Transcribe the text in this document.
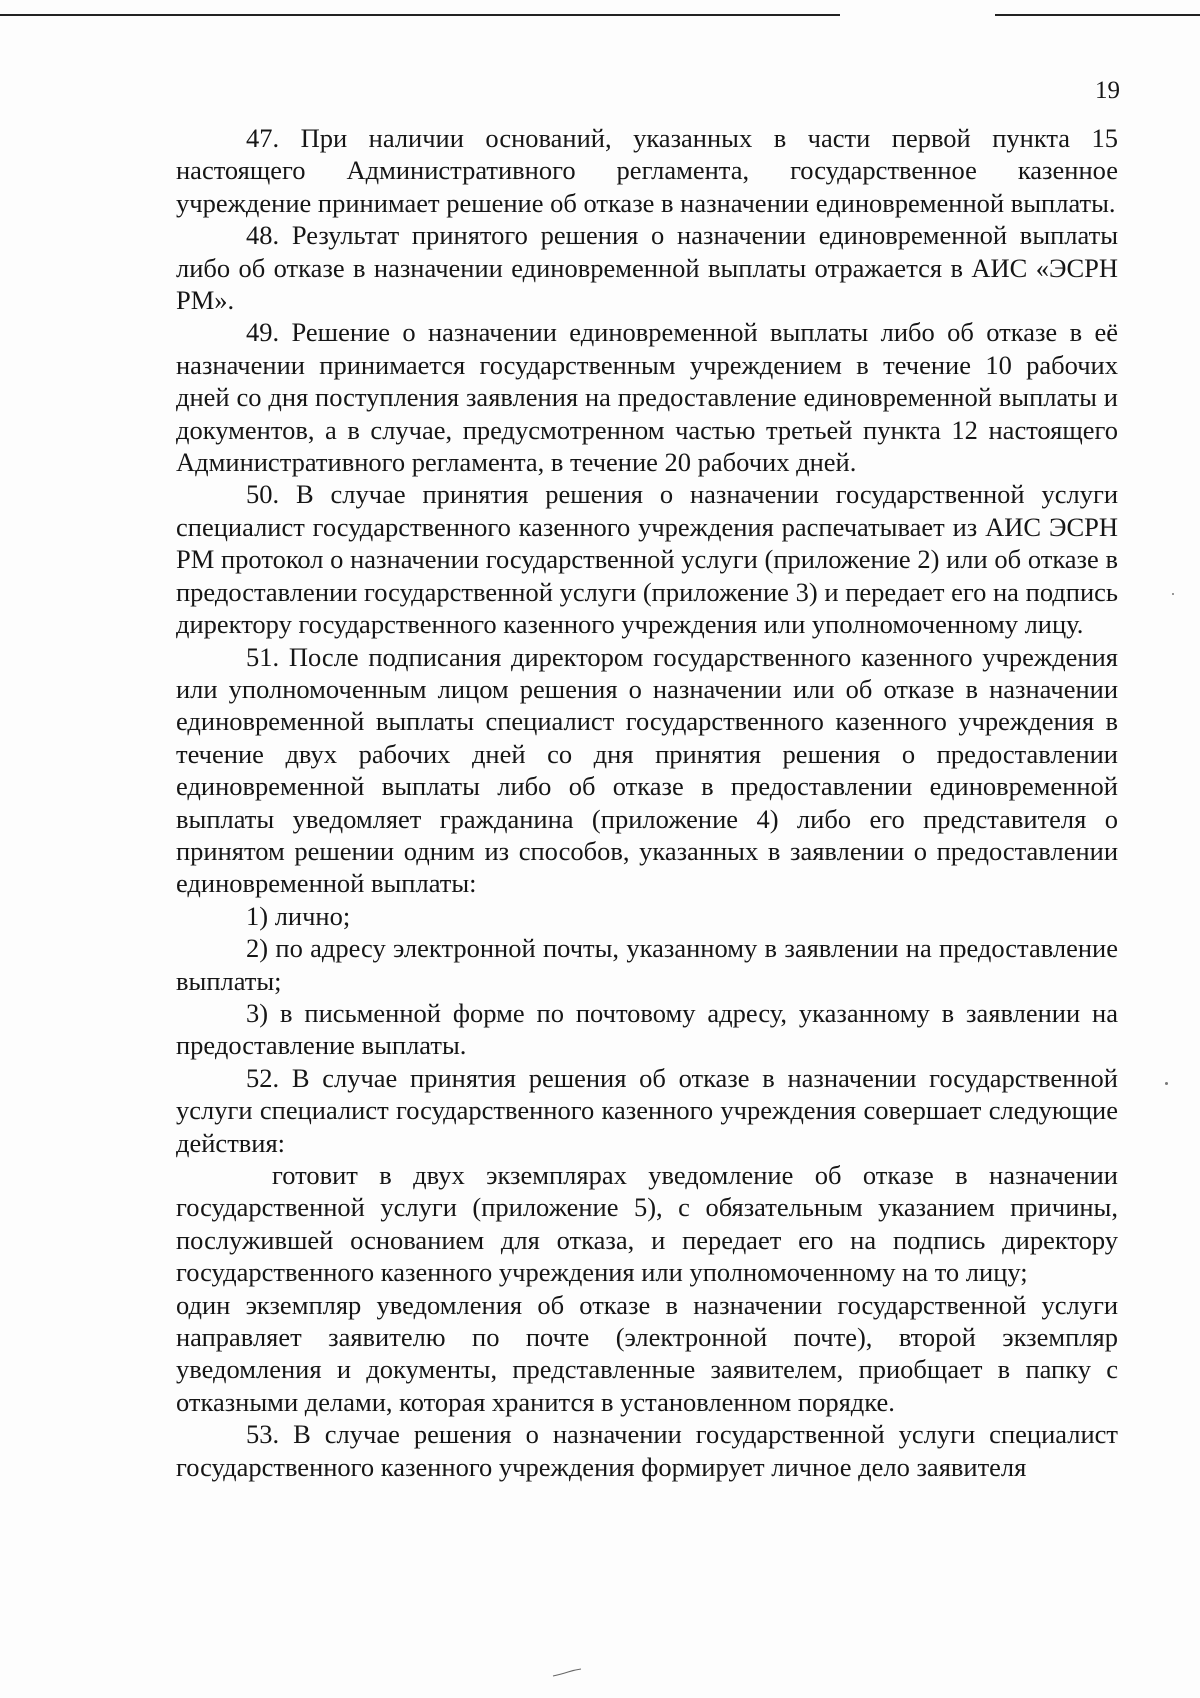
19

47. При наличии оснований, указанных в части первой пункта 15 настоящего Административного регламента, государственное казенное учреждение принимает решение об отказе в назначении единовременной выплаты.

48. Результат принятого решения о назначении единовременной выплаты либо об отказе в назначении единовременной выплаты отражается в АИС «ЭСРН РМ».

49. Решение о назначении единовременной выплаты либо об отказе в её назначении принимается государственным учреждением в течение 10 рабочих дней со дня поступления заявления на предоставление единовременной выплаты и документов, а в случае, предусмотренном частью третьей пункта 12 настоящего Административного регламента, в течение 20 рабочих дней.

50. В случае принятия решения о назначении государственной услуги специалист государственного казенного учреждения распечатывает из АИС ЭСРН РМ протокол о назначении государственной услуги (приложение 2) или об отказе в предоставлении государственной услуги (приложение 3) и передает его на подпись директору государственного казенного учреждения или уполномоченному лицу.

51. После подписания директором государственного казенного учреждения или уполномоченным лицом решения о назначении или об отказе в назначении единовременной выплаты специалист государственного казенного учреждения в течение двух рабочих дней со дня принятия решения о предоставлении единовременной выплаты либо об отказе в предоставлении единовременной выплаты уведомляет гражданина (приложение 4) либо его представителя о принятом решении одним из способов, указанных в заявлении о предоставлении единовременной выплаты:

1) лично;

2) по адресу электронной почты, указанному в заявлении на предоставление выплаты;

3) в письменной форме по почтовому адресу, указанному в заявлении на предоставление выплаты.

52. В случае принятия решения об отказе в назначении государственной услуги специалист государственного казенного учреждения совершает следующие действия:

готовит в двух экземплярах уведомление об отказе в назначении государственной услуги (приложение 5), с обязательным указанием причины, послужившей основанием для отказа, и передает его на подпись директору государственного казенного учреждения или уполномоченному на то лицу;

один экземпляр уведомления об отказе в назначении государственной услуги направляет заявителю по почте (электронной почте), второй экземпляр уведомления и документы, представленные заявителем, приобщает в папку с отказными делами, которая хранится в установленном порядке.

53. В случае решения о назначении государственной услуги специалист государственного казенного учреждения формирует личное дело заявителя
